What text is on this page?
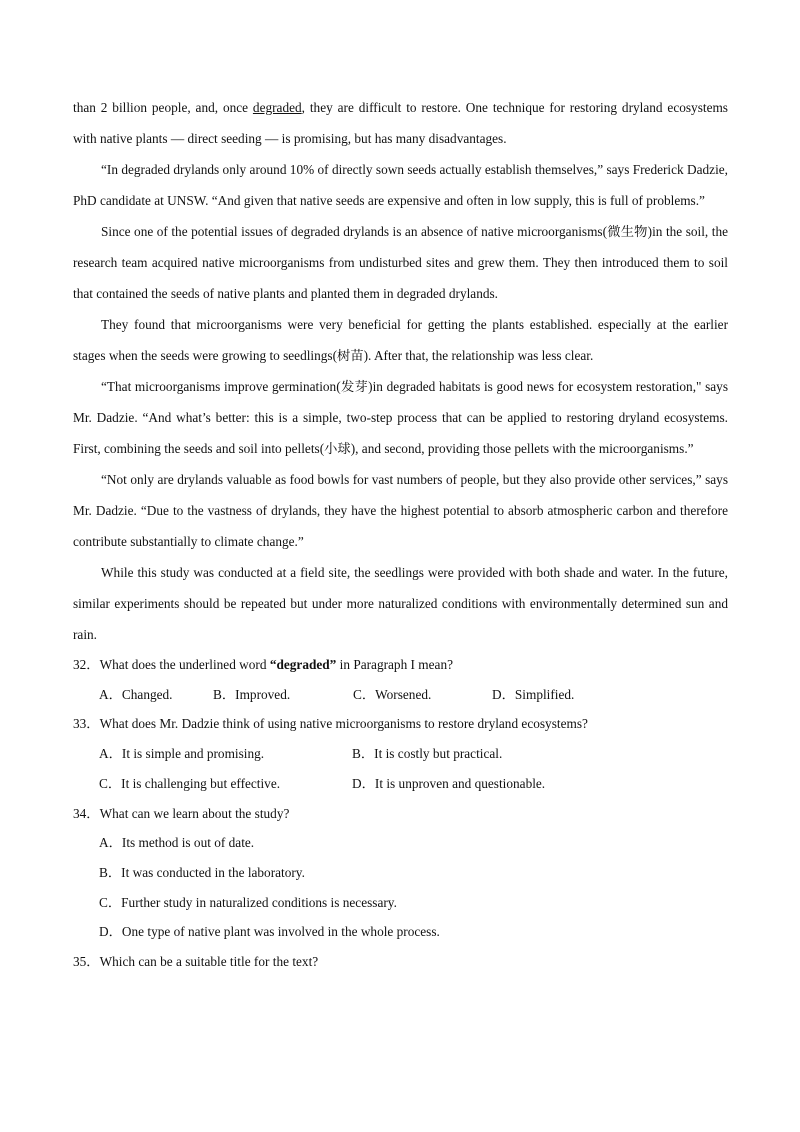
than 2 billion people, and, once degraded, they are difficult to restore. One technique for restoring dryland ecosystems with native plants — direct seeding — is promising, but has many disadvantages.

“In degraded drylands only around 10% of directly sown seeds actually establish themselves,” says Frederick Dadzie, PhD candidate at UNSW. “And given that native seeds are expensive and often in low supply, this is full of problems.”

Since one of the potential issues of degraded drylands is an absence of native microorganisms(微生物)in the soil, the research team acquired native microorganisms from undisturbed sites and grew them. They then introduced them to soil that contained the seeds of native plants and planted them in degraded drylands.

They found that microorganisms were very beneficial for getting the plants established. especially at the earlier stages when the seeds were growing to seedlings(树苗). After that, the relationship was less clear.

“That microorganisms improve germination(发芽)in degraded habitats is good news for ecosystem restoration," says Mr. Dadzie. “And what’s better: this is a simple, two-step process that can be applied to restoring dryland ecosystems. First, combining the seeds and soil into pellets(小球), and second, providing those pellets with the microorganisms.”

“Not only are drylands valuable as food bowls for vast numbers of people, but they also provide other services,” says Mr. Dadzie. “Due to the vastness of drylands, they have the highest potential to absorb atmospheric carbon and therefore contribute substantially to climate change.”

While this study was conducted at a field site, the seedlings were provided with both shade and water. In the future, similar experiments should be repeated but under more naturalized conditions with environmentally determined sun and rain.

32．What does the underlined word “degraded” in Paragraph I mean?

A．Changed.	B．Improved.	C．Worsened.	D．Simplified.

33．What does Mr. Dadzie think of using native microorganisms to restore dryland ecosystems?

A．It is simple and promising.	B．It is costly but practical.
C．It is challenging but effective.	D．It is unproven and questionable.

34．What can we learn about the study?

A．Its method is out of date.

B．It was conducted in the laboratory.

C．Further study in naturalized conditions is necessary.

D．One type of native plant was involved in the whole process.

35．Which can be a suitable title for the text?
